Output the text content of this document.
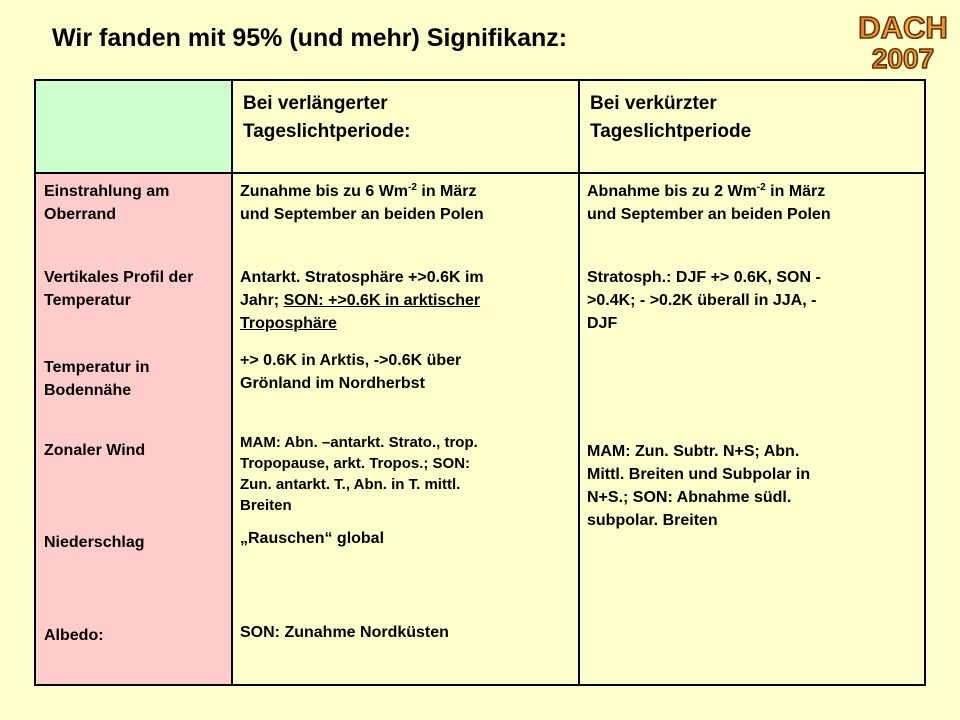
Wir fanden mit 95% (und mehr) Signifikanz:	DACH
2007
Bei verlängerter
Tageslichtperiode:
Bei verkürzter
Tageslichtperiode
Einstrahlung am Oberrand
Vertikales Profil der Temperatur
Temperatur in Bodennähe
Zonaler Wind
Niederschlag
Albedo:
Zunahme bis zu 6 $Wm^{-2}$ in März
und September an beiden Polen
Antarkt. Stratosphäre +>0.6K im
Jahr; SON: +>0.6K in arktischer
Troposphäre
+> 0.6K in Arktis, ->0.6K über
Grönland im Nordherbst
MAM: Abn. –antarkt. Strato., trop.
Tropopause, arkt. Tropos.; SON:
Zun. antarkt. T., Abn. in T. mittl.
Breiten
„Rauschen“ global
SON: Zunahme Nordküsten
Abnahme bis zu 2 $Wm^{-2}$ in März
und September an beiden Polen
Stratosph.: DJF +> 0.6K, SON -
>0.4K; - >0.2K überall in JJA, -
DJF
MAM: Zun. Subtr. N+S; Abn.
Mittl. Breiten und Subpolar in
N+S.; SON: Abnahme südl.
subpolar. Breiten
